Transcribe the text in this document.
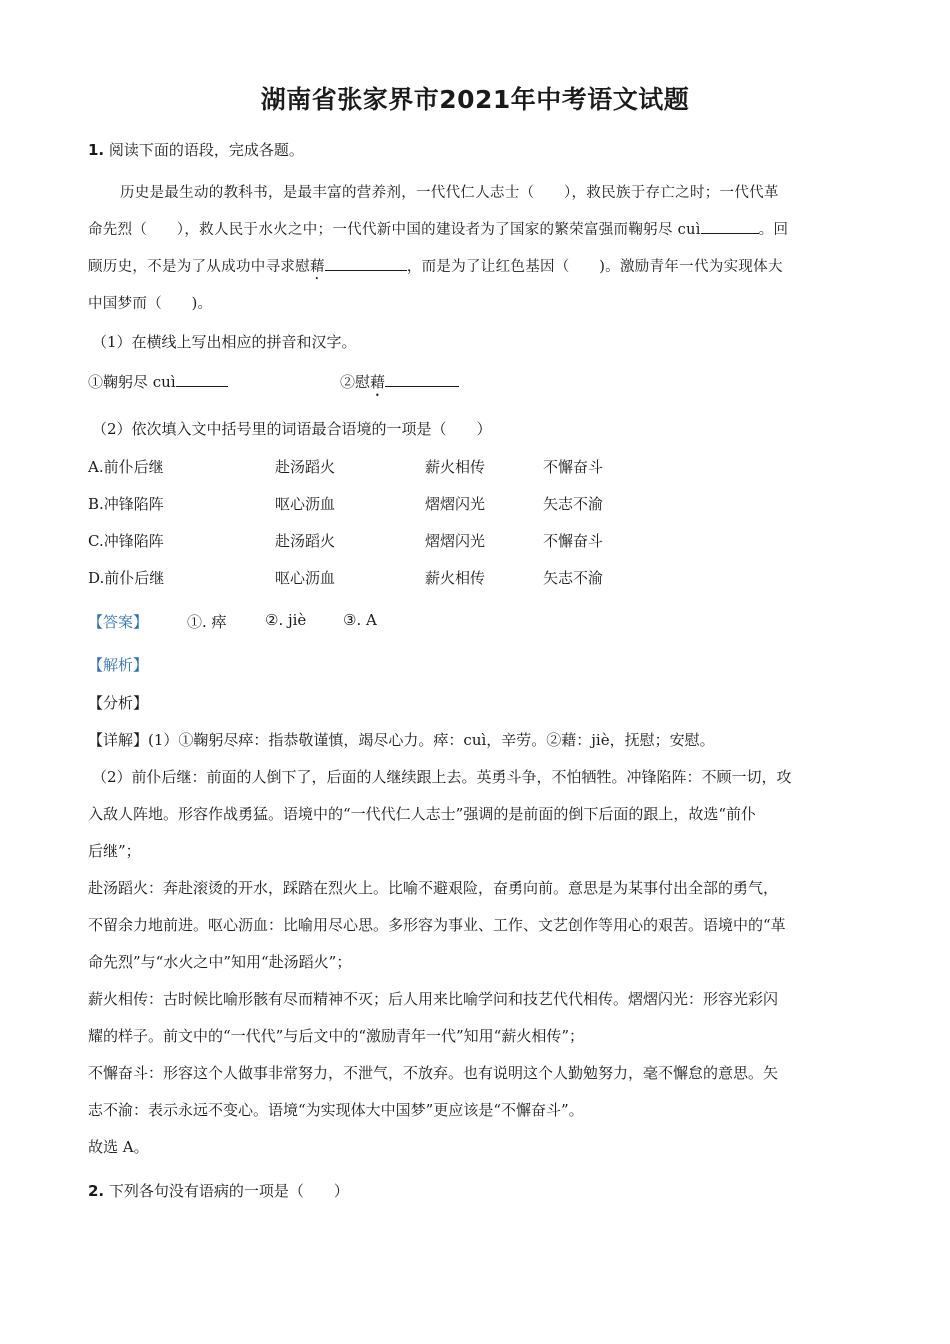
湖南省张家界市2021年中考语文试题
1. 阅读下面的语段，完成各题。
历史是最生动的教科书，是最丰富的营养剂，一代代仁人志士（　　），救民族于存亡之时；一代代革
命先烈（　　），救人民于水火之中；一代代新中国的建设者为了国家的繁荣富强而鞠躬尽 cuì	。回
顾历史，不是为了从成功中寻求慰藉	，而是为了让红色基因（　　)。激励青年一代为实现体大
中国梦而（　　)。
（1）在横线上写出相应的拼音和汉字。
①鞠躬尽 cuì	②慰藉
（2）依次填入文中括号里的词语最合语境的一项是（　　）
A.前仆后继	赴汤蹈火	薪火相传	不懈奋斗
B.冲锋陷阵	呕心沥血	熠熠闪光	矢志不渝
C.冲锋陷阵	赴汤蹈火	熠熠闪光	不懈奋斗
D.前仆后继	呕心沥血	薪火相传	矢志不渝
【答案】	①. 瘁	②. jiè ③. A
【解析】
【分析】
【详解】(1）①鞠躬尽瘁：指恭敬谨慎，竭尽心力。瘁：cuì，辛劳。②藉：jiè，抚慰；安慰。
（2）前仆后继：前面的人倒下了，后面的人继续跟上去。英勇斗争，不怕牺牲。冲锋陷阵：不顾一切，攻
入敌人阵地。形容作战勇猛。语境中的“一代代仁人志士”强调的是前面的倒下后面的跟上，故选“前仆
后继”；
赴汤蹈火：奔赴滚烫的开水，踩踏在烈火上。比喻不避艰险，奋勇向前。意思是为某事付出全部的勇气，
不留余力地前进。呕心沥血：比喻用尽心思。多形容为事业、工作、文艺创作等用心的艰苦。语境中的“革
命先烈”与“水火之中”知用“赴汤蹈火”；
薪火相传：古时候比喻形骸有尽而精神不灭；后人用来比喻学问和技艺代代相传。熠熠闪光：形容光彩闪
耀的样子。前文中的“一代代”与后文中的“激励青年一代”知用“薪火相传”；
不懈奋斗：形容这个人做事非常努力，不泄气，不放弃。也有说明这个人勤勉努力，毫不懈怠的意思。矢
志不渝：表示永远不变心。语境“为实现体大中国梦”更应该是“不懈奋斗”。
故选 A。
2. 下列各句没有语病的一项是（　　）
